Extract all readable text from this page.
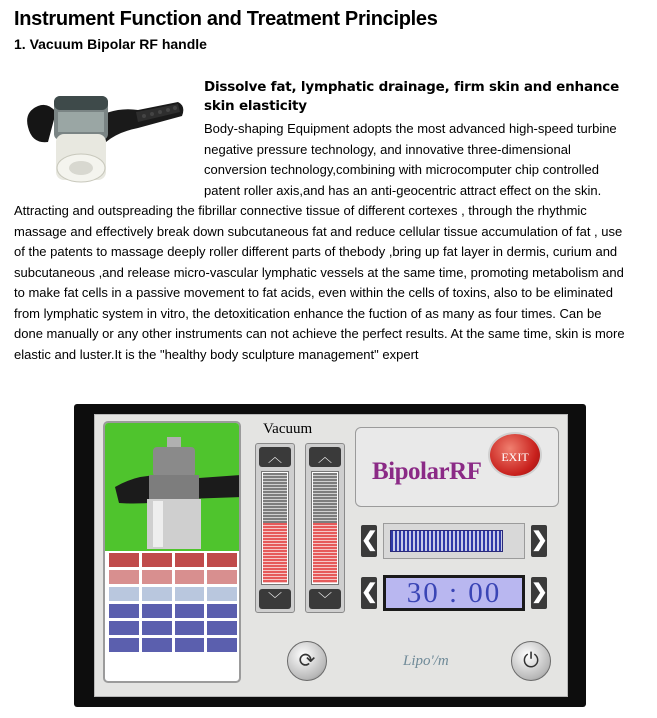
Instrument Function and Treatment Principles
1. Vacuum Bipolar RF handle
Dissolve fat, lymphatic drainage, firm skin and enhance skin elasticity
Body-shaping Equipment adopts the most advanced high-speed turbine
negative pressure technology, and innovative three-dimensional
conversion technology,combining with microcomputer chip controlled
patent roller axis,and has an anti-geocentric attract effect on the skin.
Attracting and outspreading the fibrillar connective tissue of different cortexes , through the rhythmic
massage and effectively break down subcutaneous fat and reduce cellular tissue accumulation of fat , use
of the patents to massage deeply roller different parts of thebody ,bring up fat layer in dermis, curium and
subcutaneous ,and release micro-vascular lymphatic vessels at the same time, promoting metabolism and
to make fat cells in a passive movement to fat acids, even within the cells of toxins, also to be eliminated
from lymphatic system in vitro, the detoxitication enhance the fuction of as many as four times. Can be
done manually or any other instruments can not achieve the perfect results. At the same time, skin is more
elastic and luster.It is the "healthy body sculpture management" expert
Vacuum
︿
﹀
︿
﹀
BipolarRF
EXIT
❮	❯
❮ 30 : 00	❯
⟳	Lipo'/m	⏻
